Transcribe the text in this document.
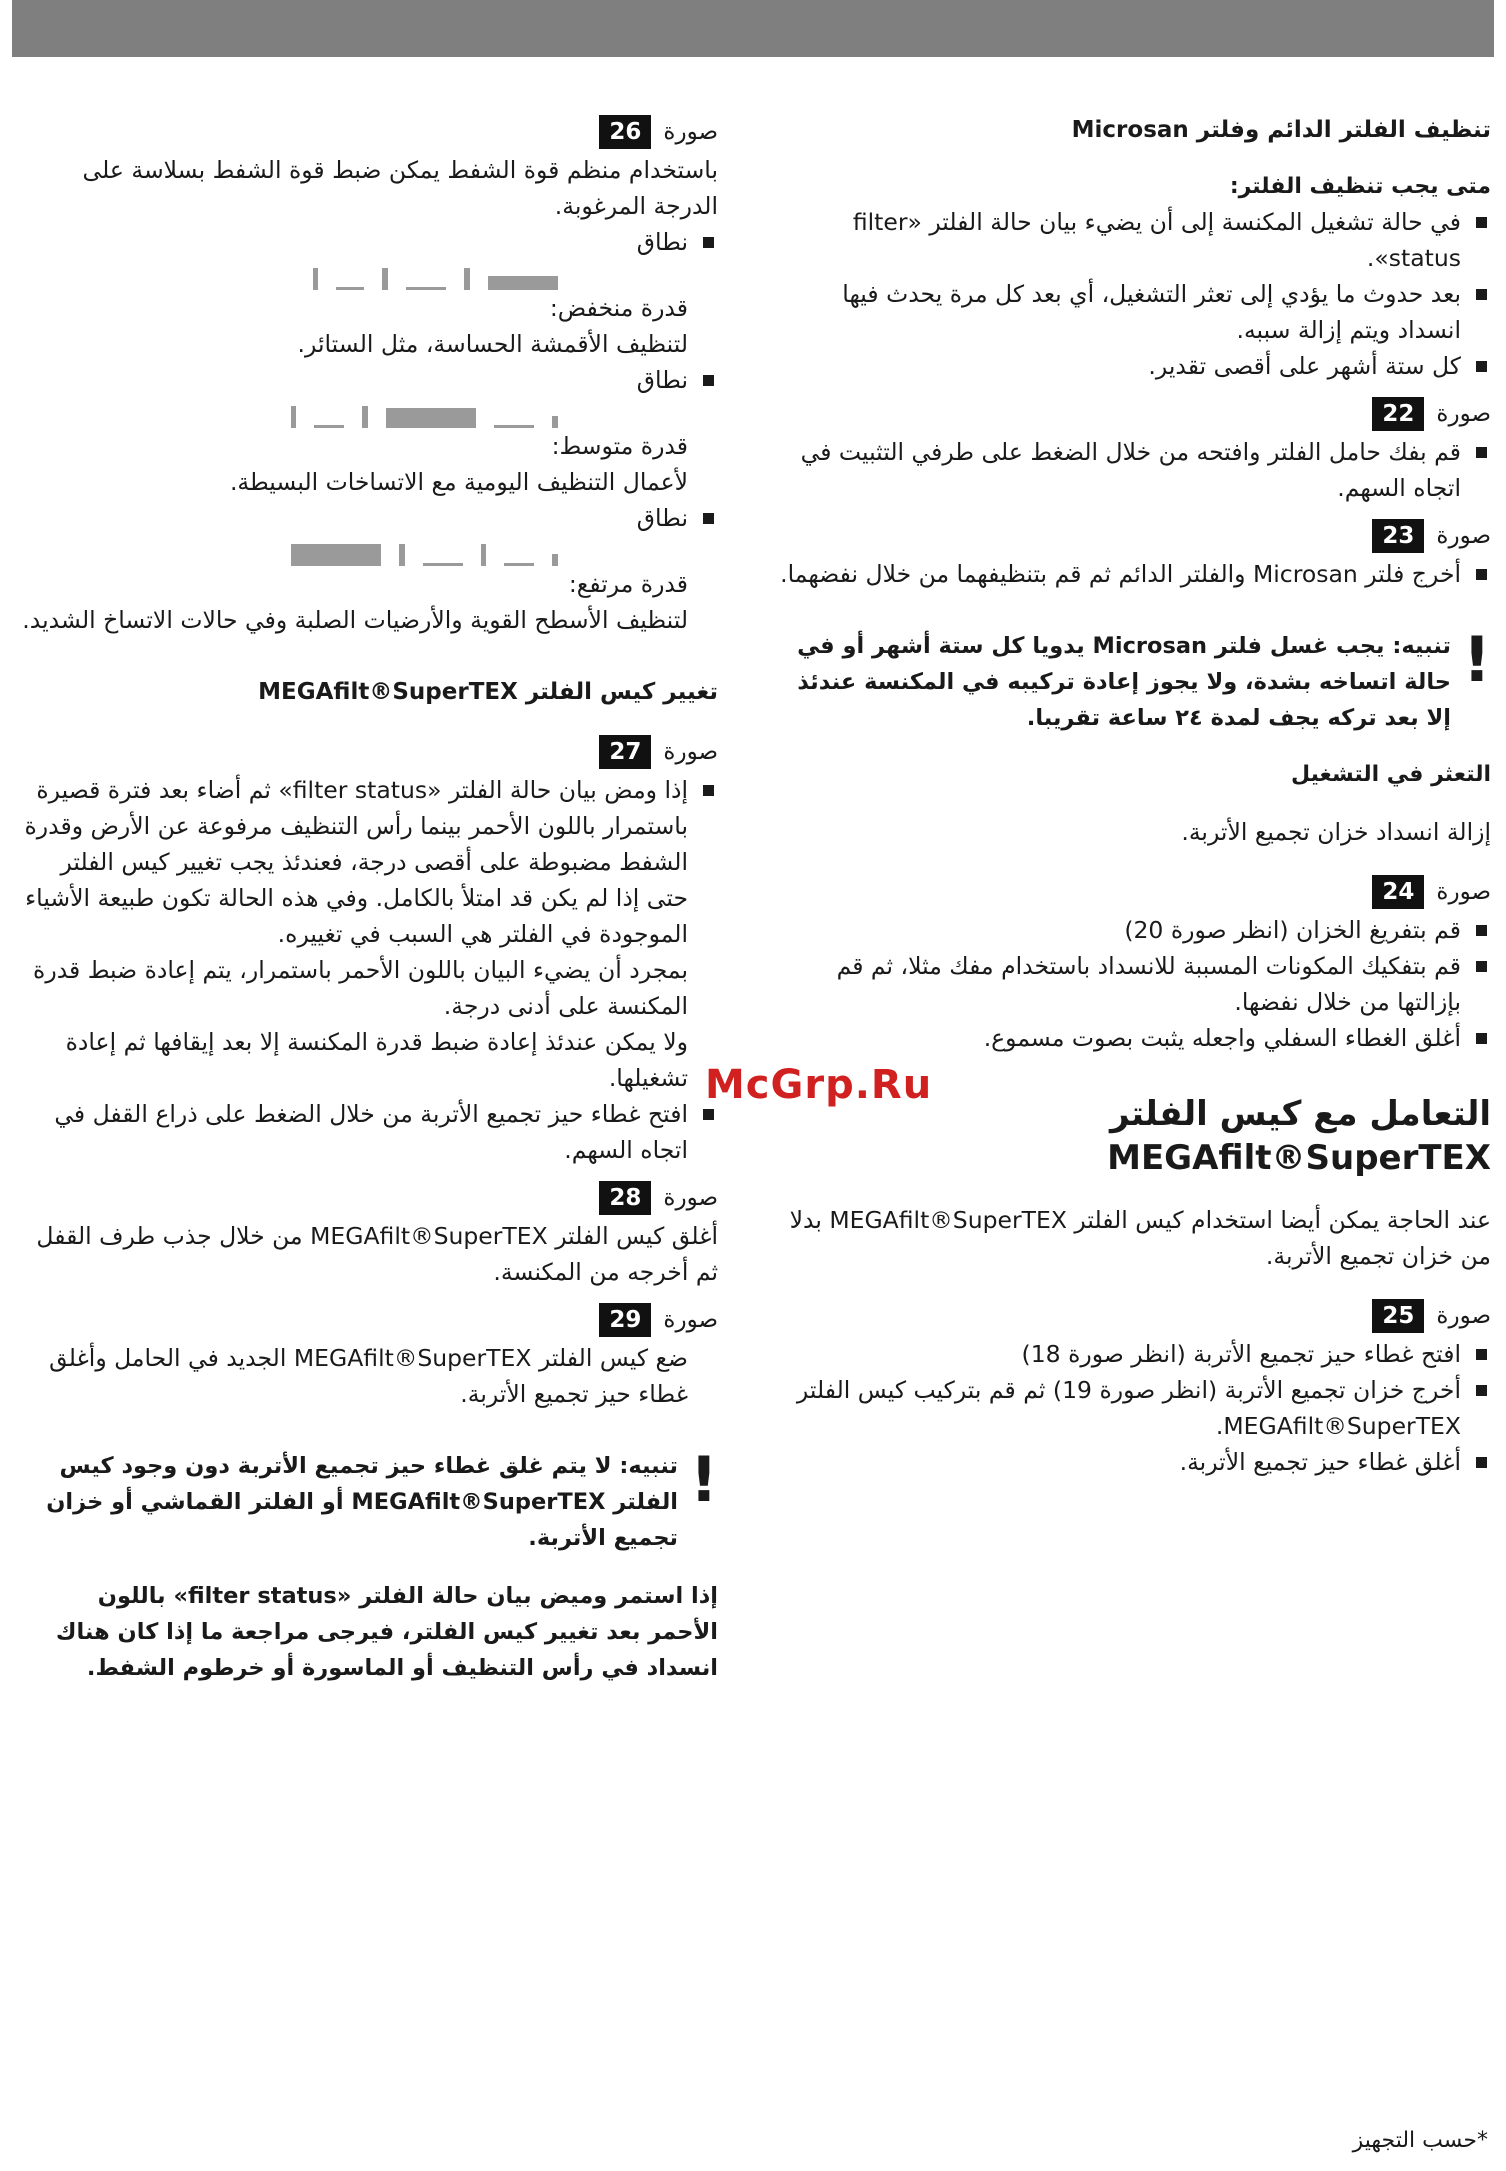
تنظيف الفلتر الدائم وفلتر Microsan
متى يجب تنظيف الفلتر:
في حالة تشغيل المكنسة إلى أن يضيء بيان حالة الفلتر «filter status».
بعد حدوث ما يؤدي إلى تعثر التشغيل، أي بعد كل مرة يحدث فيها انسداد ويتم إزالة سببه.
كل ستة أشهر على أقصى تقدير.
صورة
22
قم بفك حامل الفلتر وافتحه من خلال الضغط على طرفي التثبيت في اتجاه السهم.
صورة
23
أخرج فلتر Microsan والفلتر الدائم ثم قم بتنظيفهما من خلال نفضهما.
!
تنبيه: يجب غسل فلتر Microsan يدويا كل ستة أشهر أو في حالة اتساخه بشدة، ولا يجوز إعادة تركيبه في المكنسة عندئذ إلا بعد تركه يجف لمدة ٢٤ ساعة تقريبا.
التعثر في التشغيل
إزالة انسداد خزان تجميع الأتربة.
صورة
24
قم بتفريغ الخزان (انظر صورة 20)
قم بتفكيك المكونات المسببة للانسداد باستخدام مفك مثلا، ثم قم بإزالتها من خلال نفضها.
أغلق الغطاء السفلي واجعله يثبت بصوت مسموع.
التعامل مع كيس الفلتر MEGAfilt®SuperTEX
عند الحاجة يمكن أيضا استخدام كيس الفلتر MEGAfilt®SuperTEX بدلا من خزان تجميع الأتربة.
صورة
25
افتح غطاء حيز تجميع الأتربة (انظر صورة 18)
أخرج خزان تجميع الأتربة (انظر صورة 19) ثم قم بتركيب كيس الفلتر MEGAfilt®SuperTEX.
أغلق غطاء حيز تجميع الأتربة.
صورة
26
باستخدام منظم قوة الشفط يمكن ضبط قوة الشفط بسلاسة على الدرجة المرغوبة.
نطاق
قدرة منخفض:
لتنظيف الأقمشة الحساسة، مثل الستائر.
نطاق
قدرة متوسط:
لأعمال التنظيف اليومية مع الاتساخات البسيطة.
نطاق
قدرة مرتفع:
لتنظيف الأسطح القوية والأرضيات الصلبة وفي حالات الاتساخ الشديد.
تغيير كيس الفلتر MEGAfilt®SuperTEX
صورة
27
إذا ومض بيان حالة الفلتر «filter status» ثم أضاء بعد فترة قصيرة باستمرار باللون الأحمر بينما رأس التنظيف مرفوعة عن الأرض وقدرة الشفط مضبوطة على أقصى درجة، فعندئذ يجب تغيير كيس الفلتر حتى إذا لم يكن قد امتلأ بالكامل. وفي هذه الحالة تكون طبيعة الأشياء الموجودة في الفلتر هي السبب في تغييره.
بمجرد أن يضيء البيان باللون الأحمر باستمرار، يتم إعادة ضبط قدرة المكنسة على أدنى درجة.
ولا يمكن عندئذ إعادة ضبط قدرة المكنسة إلا بعد إيقافها ثم إعادة تشغيلها.
افتح غطاء حيز تجميع الأتربة من خلال الضغط على ذراع القفل في اتجاه السهم.
صورة
28
أغلق كيس الفلتر MEGAfilt®SuperTEX من خلال جذب طرف القفل ثم أخرجه من المكنسة.
صورة
29
ضع كيس الفلتر MEGAfilt®SuperTEX الجديد في الحامل وأغلق غطاء حيز تجميع الأتربة.
!
تنبيه: لا يتم غلق غطاء حيز تجميع الأتربة دون وجود كيس الفلتر MEGAfilt®SuperTEX أو الفلتر القماشي أو خزان تجميع الأتربة.
إذا استمر وميض بيان حالة الفلتر «filter status» باللون الأحمر بعد تغيير كيس الفلتر، فيرجى مراجعة ما إذا كان هناك انسداد في رأس التنظيف أو الماسورة أو خرطوم الشفط.
McGrp.Ru
*حسب التجهيز
